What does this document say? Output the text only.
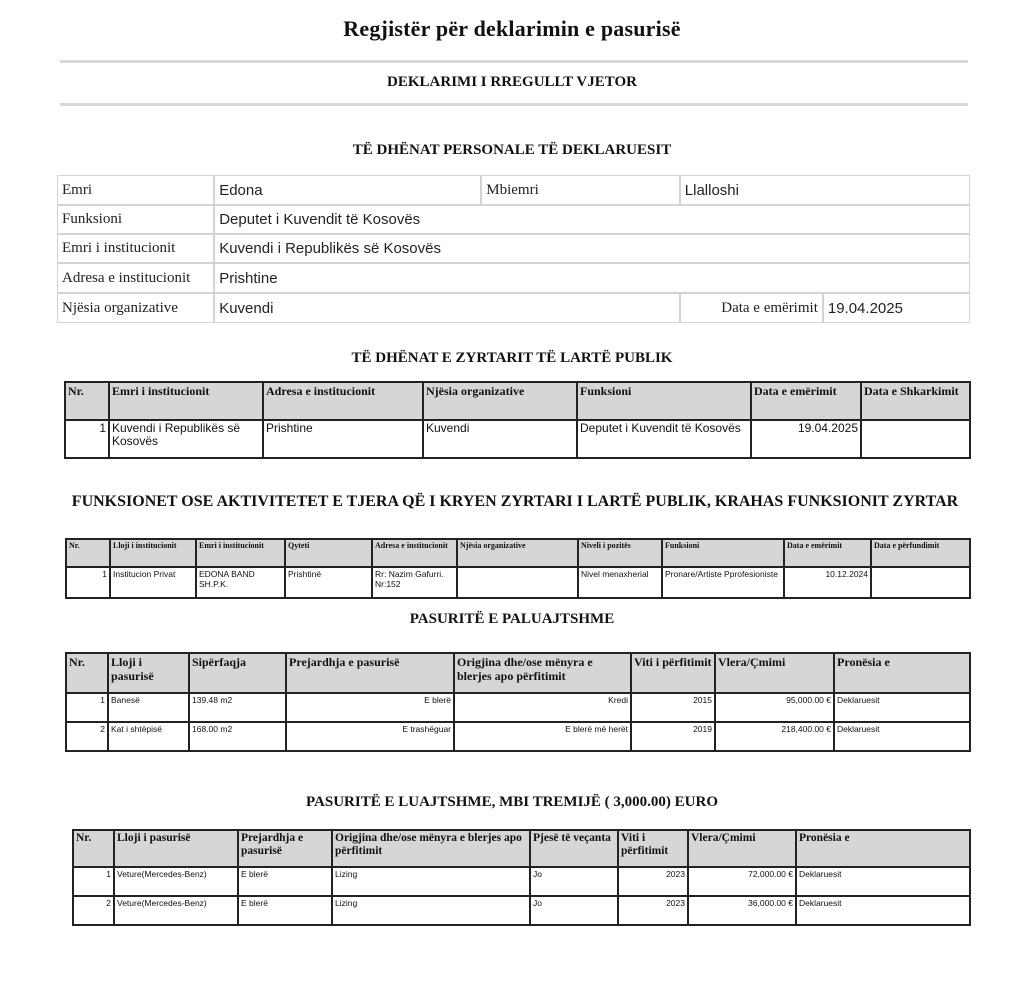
Regjistër për deklarimin e pasurisë
DEKLARIMI I RREGULLT VJETOR
TË DHËNAT PERSONALE TË DEKLARUESIT
Emri	Edona	Mbiemri	Llalloshi	
Funksioni	Deputet i Kuvendit të Kosovës			
Emri i institucionit	Kuvendi i Republikës së Kosovës			
Adresa e institucionit	Prishtine			
Njësia organizative	Kuvendi		Data e emërimit	19.04.2025
TË DHËNAT E ZYRTARIT TË LARTË PUBLIK
Nr.	Emri i institucionit	Adresa e institucionit	Njësia organizative	Funksioni	Data e emërimit	Data e Shkarkimit
1	Kuvendi i Republikës së Kosovës	Prishtine	Kuvendi	Deputet i Kuvendit të Kosovës	19.04.2025	
FUNKSIONET OSE AKTIVITETET E TJERA QË I KRYEN ZYRTARI I LARTË PUBLIK, KRAHAS FUNKSIONIT ZYRTAR
Nr.	Lloji i institucionit	Emri i institucionit	Qyteti	Adresa e institucionit	Njësia organizative	Niveli i pozitës	Funksioni	Data e emërimit	Data e përfundimit
1	Institucion Privat	EDONA BAND SH.P.K.	Prishtinë	Rr: Nazim Gafurri. Nr:152		Nivel menaxherial	Pronare/Artiste Pprofesioniste	10.12.2024	
PASURITË E PALUAJTSHME
Nr.	Lloji i pasurisë	Sipërfaqja	Prejardhja e pasurisë	Origjina dhe/ose mënyra e blerjes apo përfitimit	Viti i përfitimit	Vlera/Çmimi	Pronësia e
1	Banesë	139.48 m2	E blerë	Kredi	2015	95,000.00 €	Deklaruesit
2	Kat i shtëpisë	168.00 m2	E trashëguar	E blerë më herët	2019	218,400.00 €	Deklaruesit
PASURITË E LUAJTSHME, MBI TREMIJË ( 3,000.00) EURO
Nr.	Lloji i pasurisë	Prejardhja e pasurisë	Origjina dhe/ose mënyra e blerjes apo përfitimit	Pjesë të veçanta	Viti i përfitimit	Vlera/Çmimi	Pronësia e
1	Veture(Mercedes-Benz)	E blerë	Lizing	Jo	2023	72,000.00 €	Deklaruesit
2	Veture(Mercedes-Benz)	E blerë	Lizing	Jo	2023	36,000.00 €	Deklaruesit
